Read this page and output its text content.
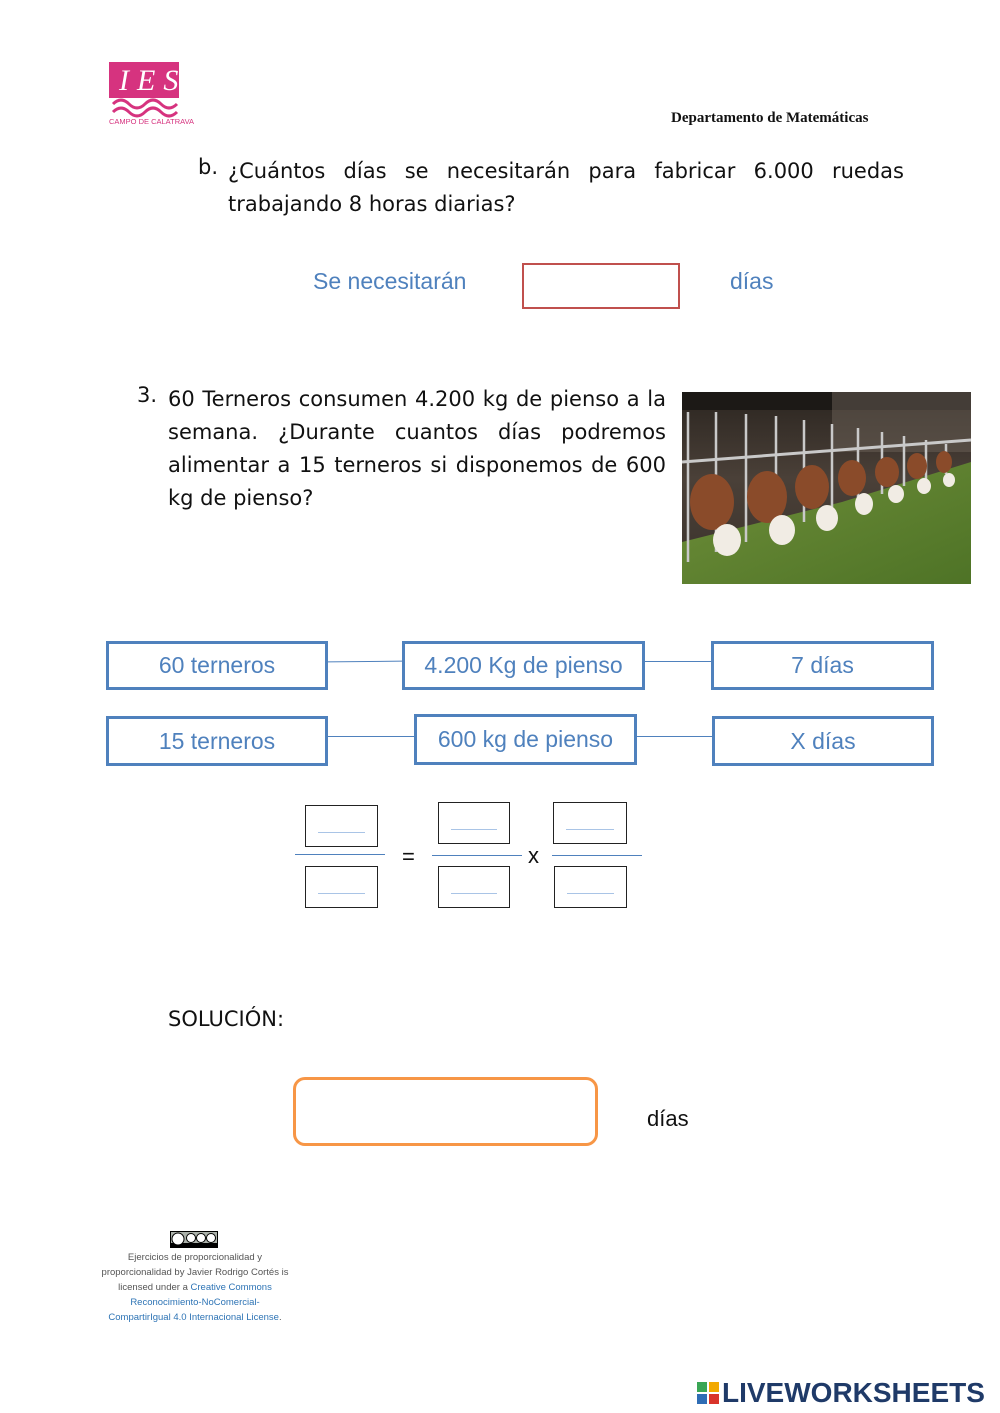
IES
CAMPO DE CALATRAVA	Departamento de Matemáticas
b. ¿Cuántos días se necesitarán para fabricar 6.000 ruedas trabajando 8 horas diarias?
Se necesitarán	días
3. 60 Terneros consumen 4.200 kg de pienso a la semana. ¿Durante cuantos días podremos alimentar a 15 terneros si disponemos de 600 kg de pienso?
60 terneros	4.200 Kg de pienso	7 días
15 terneros	600 kg de pienso	X días
=	x
SOLUCIÓN:
días
Ejercicios de proporcionalidad y proporcionalidad by Javier Rodrigo Cortés is licensed under a Creative Commons Reconocimiento-NoComercial-CompartirIgual 4.0 Internacional License.
LIVEWORKSHEETS
